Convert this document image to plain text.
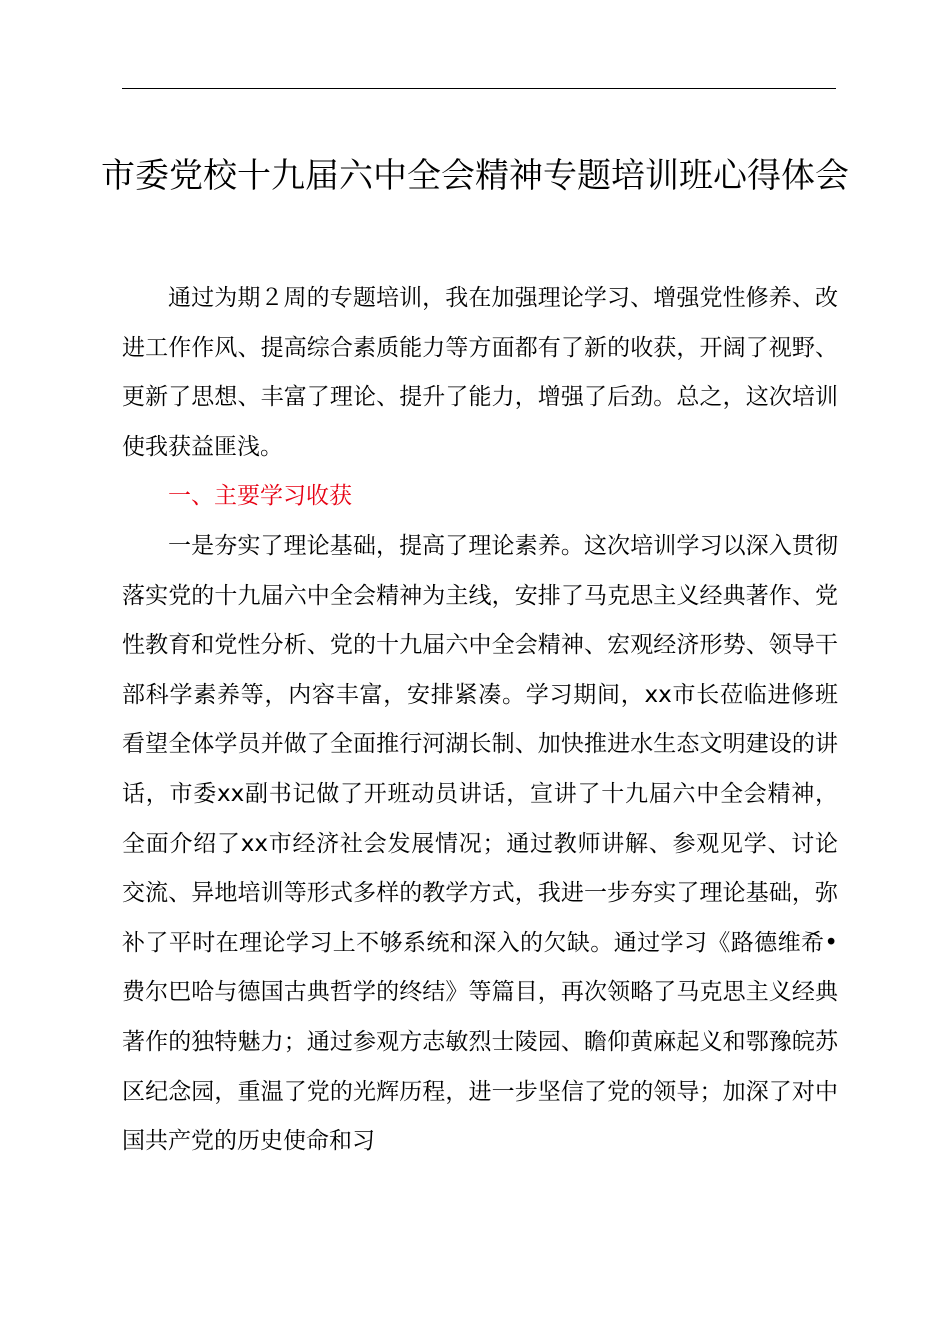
市委党校十九届六中全会精神专题培训班心得体会

通过为期２周的专题培训，我在加强理论学习、增强党性修养、改进工作作风、提高综合素质能力等方面都有了新的收获，开阔了视野、更新了思想、丰富了理论、提升了能力，增强了后劲。总之，这次培训使我获益匪浅。

一、主要学习收获

一是夯实了理论基础，提高了理论素养。这次培训学习以深入贯彻落实党的十九届六中全会精神为主线，安排了马克思主义经典著作、党性教育和党性分析、党的十九届六中全会精神、宏观经济形势、领导干部科学素养等，内容丰富，安排紧凑。学习期间，xx市长莅临进修班看望全体学员并做了全面推行河湖长制、加快推进水生态文明建设的讲话，市委xx副书记做了开班动员讲话，宣讲了十九届六中全会精神，全面介绍了xx市经济社会发展情况；通过教师讲解、参观见学、讨论交流、异地培训等形式多样的教学方式，我进一步夯实了理论基础，弥补了平时在理论学习上不够系统和深入的欠缺。通过学习《路德维希•费尔巴哈与德国古典哲学的终结》等篇目，再次领略了马克思主义经典著作的独特魅力；通过参观方志敏烈士陵园、瞻仰黄麻起义和鄂豫皖苏区纪念园，重温了党的光辉历程，进一步坚信了党的领导；加深了对中国共产党的历史使命和习
